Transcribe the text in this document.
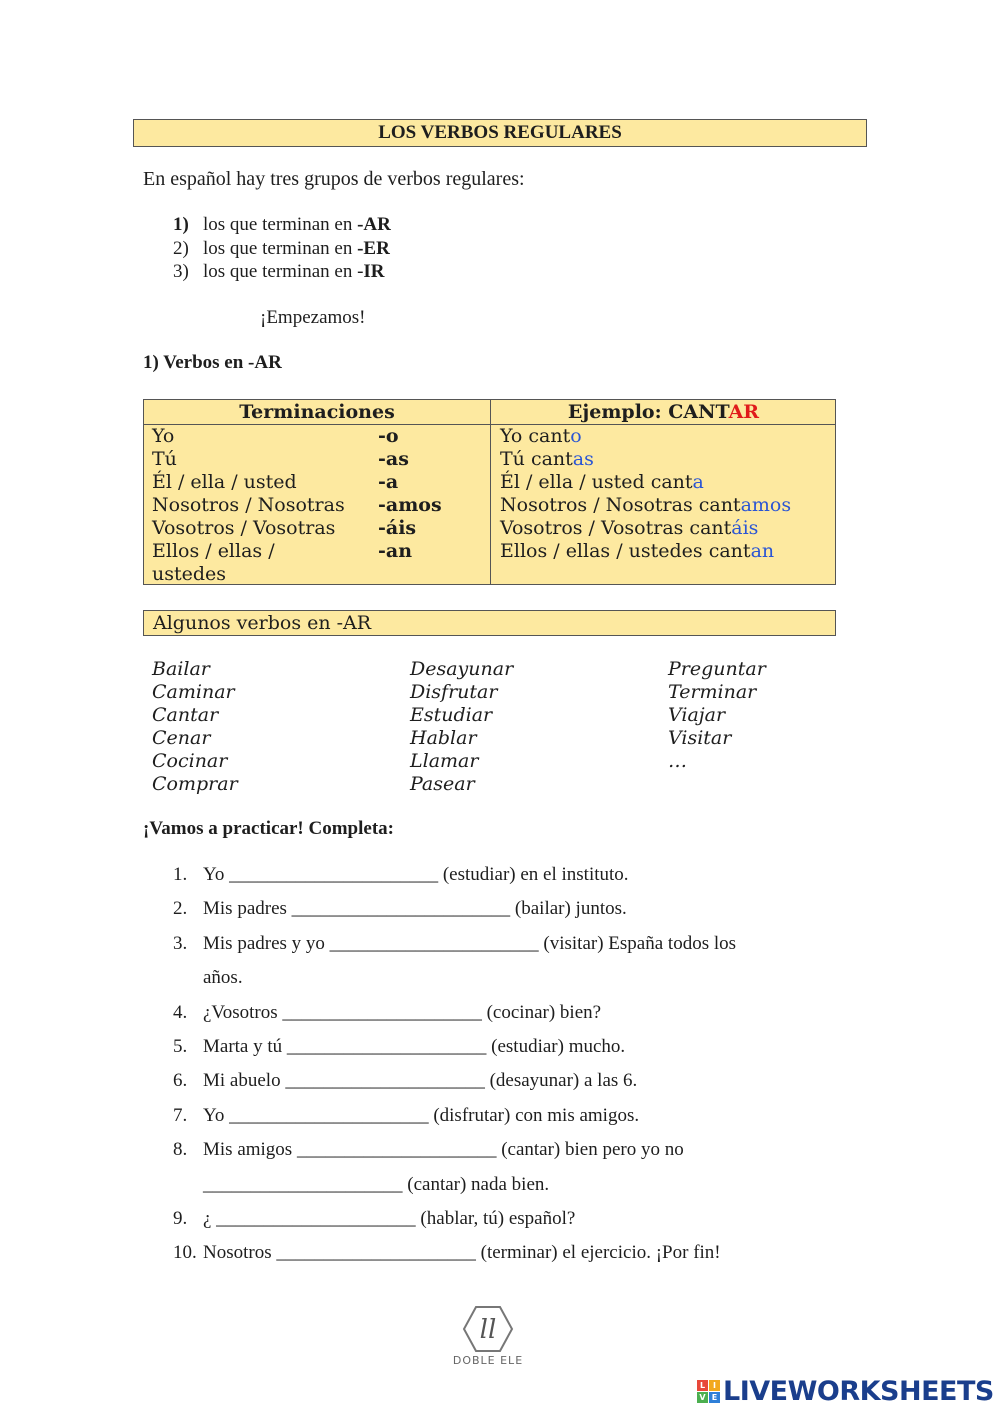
LOS VERBOS REGULARES
En español hay tres grupos de verbos regulares:
1) los que terminan en -AR
2) los que terminan en -ER
3) los que terminan en -IR
¡Empezamos!
1) Verbos en -AR
Terminaciones	Ejemplo: CANTAR
Yo
Tú
Él / ella / usted
Nosotros / Nosotras
Vosotros / Vosotras
Ellos / ellas /
ustedes
-o
-as
-a
-amos
-áis
-an
Yo canto
Tú cantas
Él / ella / usted canta
Nosotros / Nosotras cantamos
Vosotros / Vosotras cantáis
Ellos / ellas / ustedes cantan
Algunos verbos en -AR
Bailar
Caminar
Cantar
Cenar
Cocinar
Comprar
Desayunar
Disfrutar
Estudiar
Hablar
Llamar
Pasear
Preguntar
Terminar
Viajar
Visitar
…
¡Vamos a practicar! Completa:
1. Yo ______________________ (estudiar) en el instituto.
2. Mis padres _______________________ (bailar) juntos.
3. Mis padres y yo ______________________ (visitar) España todos los
años.
4. ¿Vosotros _____________________ (cocinar) bien?
5. Marta y tú _____________________ (estudiar) mucho.
6. Mi abuelo _____________________ (desayunar) a las 6.
7. Yo _____________________ (disfrutar) con mis amigos.
8. Mis amigos _____________________ (cantar) bien pero yo no
_____________________ (cantar) nada bien.
9. ¿ _____________________ (hablar, tú) español?
10. Nosotros _____________________ (terminar) el ejercicio. ¡Por fin!
ll
DOBLE ELE
L I
V E LIVEWORKSHEETS
